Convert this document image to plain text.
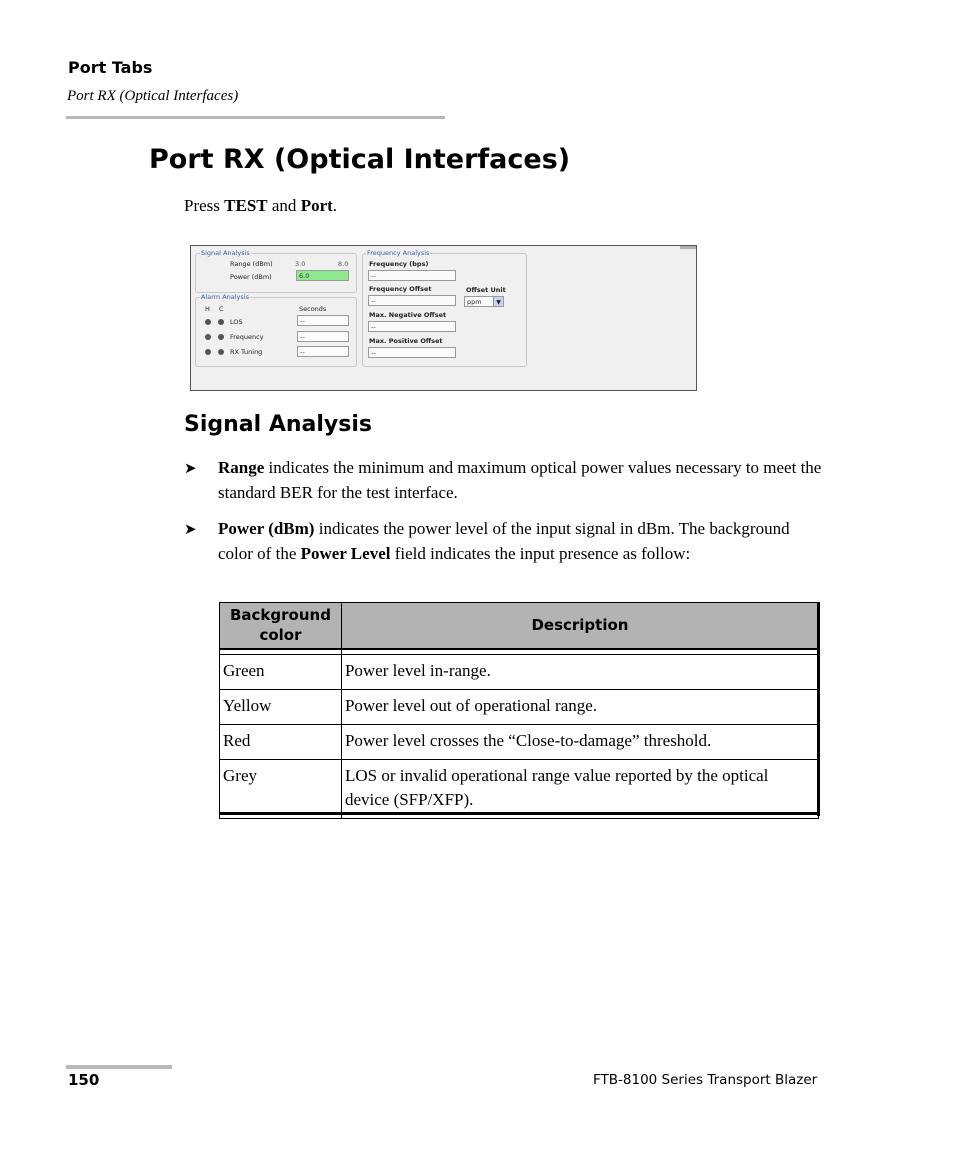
Port Tabs
Port RX (Optical Interfaces)
Port RX (Optical Interfaces)
Press TEST and Port.
Signal Analysis
Range (dBm)	3.0	8.0
Power (dBm)	6.0
Alarm Analysis
H C	Seconds
LOS	--
Frequency	--
RX Tuning	--
Frequency Analysis
Frequency (bps)
--
Frequency Offset
--
Offset Unit
ppm	▼
Max. Negative Offset
--
Max. Positive Offset
--
Signal Analysis
➤ Range indicates the minimum and maximum optical power values necessary to meet the standard BER for the test interface.
➤ Power (dBm) indicates the power level of the input signal in dBm. The background color of the Power Level field indicates the input presence as follow:
Background color	Description

Green	Power level in-range.
Yellow	Power level out of operational range.
Red	Power level crosses the “Close-to-damage” threshold.
Grey	LOS or invalid operational range value reported by the optical device (SFP/XFP).
150	FTB-8100 Series Transport Blazer
